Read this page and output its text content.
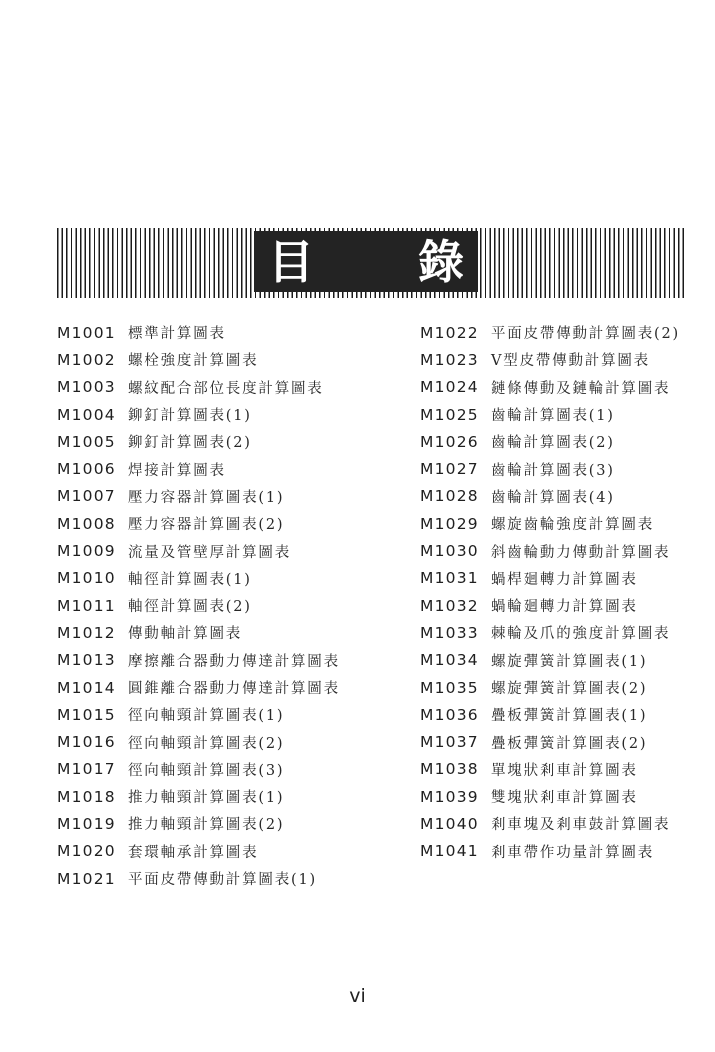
目 錄
M1001 標準計算圖表
M1002 螺栓強度計算圖表
M1003 螺紋配合部位長度計算圖表
M1004 鉚釘計算圖表(1)
M1005 鉚釘計算圖表(2)
M1006 焊接計算圖表
M1007 壓力容器計算圖表(1)
M1008 壓力容器計算圖表(2)
M1009 流量及管壁厚計算圖表
M1010 軸徑計算圖表(1)
M1011 軸徑計算圖表(2)
M1012 傳動軸計算圖表
M1013 摩擦離合器動力傳達計算圖表
M1014 圓錐離合器動力傳達計算圖表
M1015 徑向軸頸計算圖表(1)
M1016 徑向軸頸計算圖表(2)
M1017 徑向軸頸計算圖表(3)
M1018 推力軸頸計算圖表(1)
M1019 推力軸頸計算圖表(2)
M1020 套環軸承計算圖表
M1021 平面皮帶傳動計算圖表(1)
M1022 平面皮帶傳動計算圖表(2)
M1023 V型皮帶傳動計算圖表
M1024 鏈條傳動及鏈輪計算圖表
M1025 齒輪計算圖表(1)
M1026 齒輪計算圖表(2)
M1027 齒輪計算圖表(3)
M1028 齒輪計算圖表(4)
M1029 螺旋齒輪強度計算圖表
M1030 斜齒輪動力傳動計算圖表
M1031 蝸桿廻轉力計算圖表
M1032 蝸輪廻轉力計算圖表
M1033 棘輪及爪的強度計算圖表
M1034 螺旋彈簧計算圖表(1)
M1035 螺旋彈簧計算圖表(2)
M1036 疊板彈簧計算圖表(1)
M1037 疊板彈簧計算圖表(2)
M1038 單塊狀剎車計算圖表
M1039 雙塊狀剎車計算圖表
M1040 剎車塊及剎車鼓計算圖表
M1041 剎車帶作功量計算圖表
vi
